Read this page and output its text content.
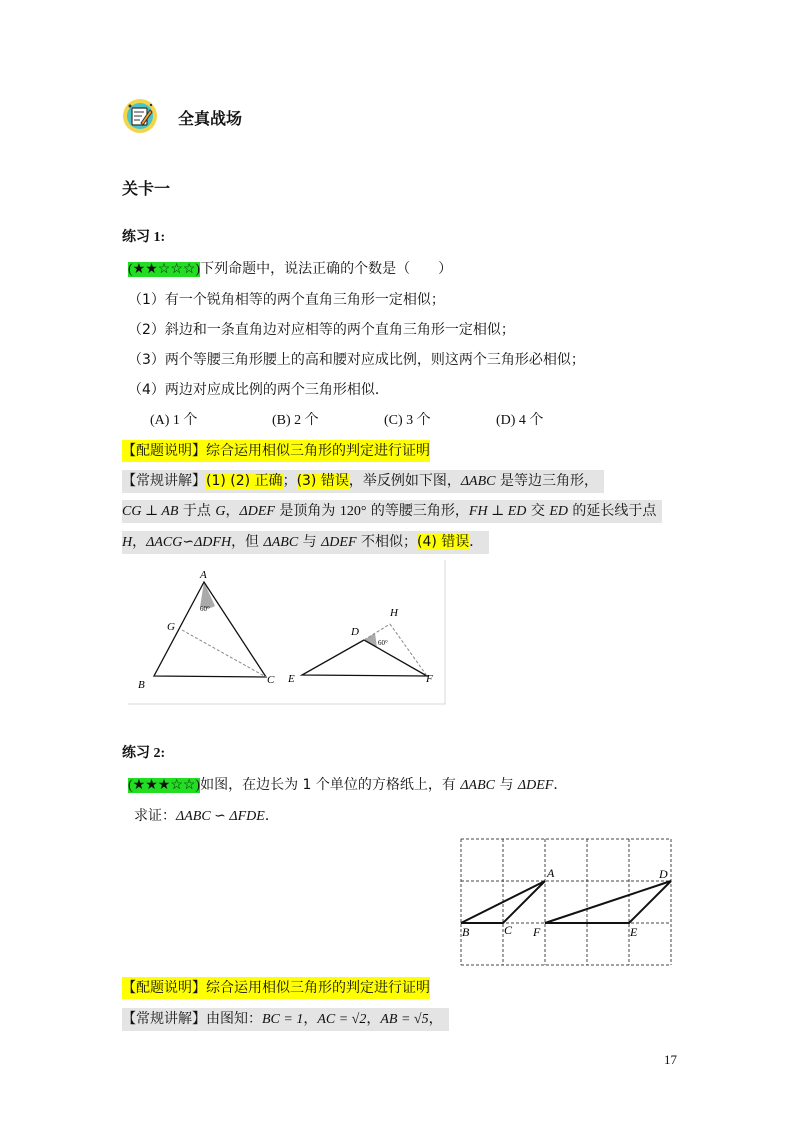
全真战场
关卡一
练习 1:
(★★☆☆☆)下列命题中，说法正确的个数是（　　）
（1）有一个锐角相等的两个直角三角形一定相似；
（2）斜边和一条直角边对应相等的两个直角三角形一定相似；
（3）两个等腰三角形腰上的高和腰对应成比例，则这两个三角形必相似；
（4）两边对应成比例的两个三角形相似．
(A) 1 个	(B) 2 个	(C) 3 个	(D) 4 个
【配题说明】综合运用相似三角形的判定进行证明
【常规讲解】(1) (2) 正确；(3) 错误，举反例如下图，ΔABC 是等边三角形，
CG ⊥ AB 于点 G，ΔDEF 是顶角为 120° 的等腰三角形，FH ⊥ ED 交 ED 的延长线于点
H，ΔACG∽ΔDFH，但 ΔABC 与 ΔDEF 不相似；(4) 错误．
A
G
B	C
60°	H
D
E	F
60°
练习 2:
(★★★☆☆)如图，在边长为 1 个单位的方格纸上，有 ΔABC 与 ΔDEF．
求证：ΔABC ∽ ΔFDE．
A
B	C F	E
D
【配题说明】综合运用相似三角形的判定进行证明
【常规讲解】由图知：BC = 1，AC = √2，AB = √5，
17
